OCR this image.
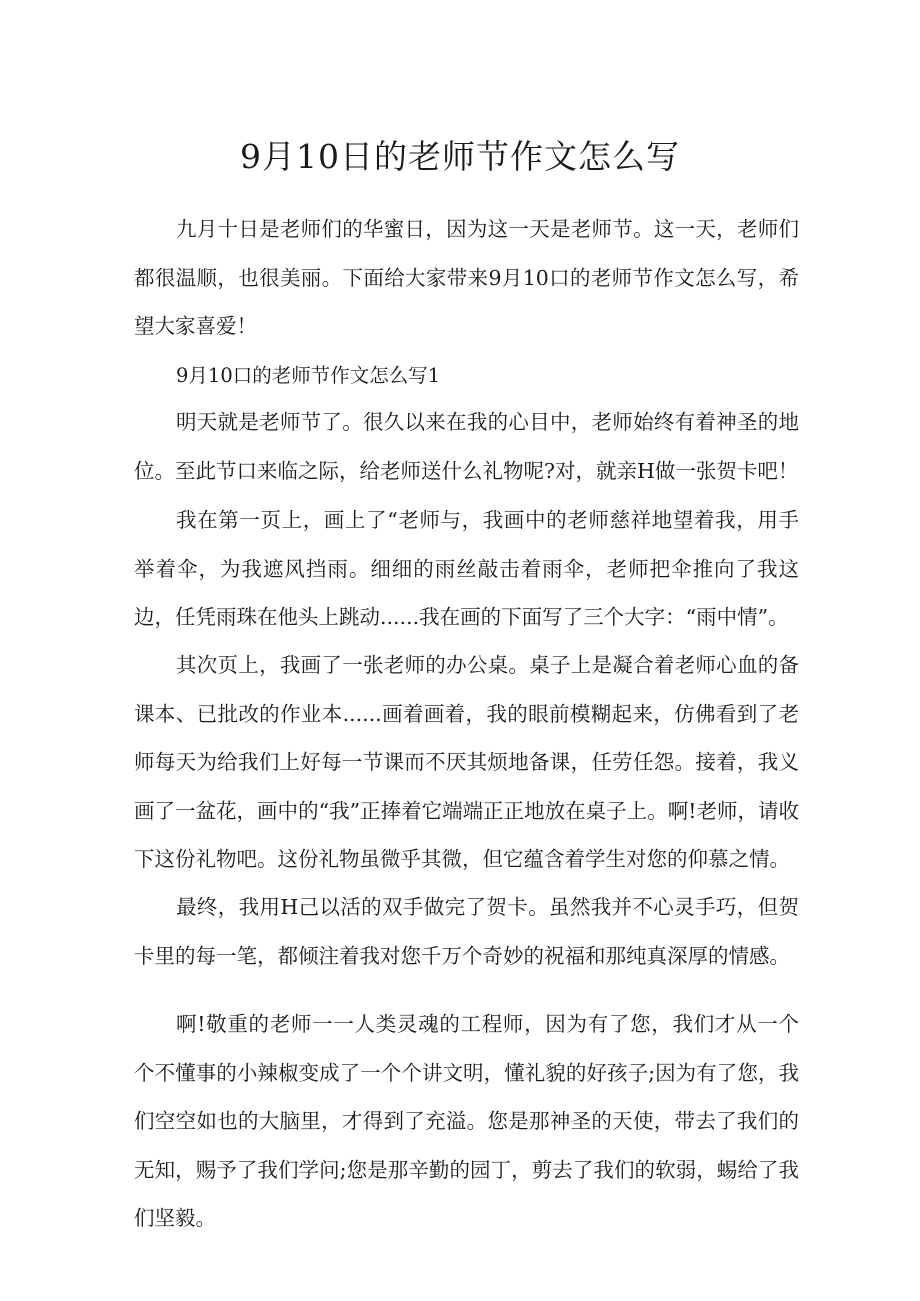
9月10日的老师节作文怎么写

九月十日是老师们的华蜜日，因为这一天是老师节。这一天，老师们都很温顺，也很美丽。下面给大家带来9月10口的老师节作文怎么写，希望大家喜爱！

9月10口的老师节作文怎么写1

明天就是老师节了。很久以来在我的心目中，老师始终有着神圣的地位。至此节口来临之际，给老师送什么礼物呢?对，就亲H做一张贺卡吧！

我在第一页上，画上了“老师与，我画中的老师慈祥地望着我，用手举着伞，为我遮风挡雨。细细的雨丝敲击着雨伞，老师把伞推向了我这边，任凭雨珠在他头上跳动......我在画的下面写了三个大字：“雨中情”。

其次页上，我画了一张老师的办公桌。桌子上是凝合着老师心血的备课本、已批改的作业本......画着画着，我的眼前模糊起来，仿佛看到了老师每天为给我们上好每一节课而不厌其烦地备课，任劳任怨。接着，我义画了一盆花，画中的“我”正捧着它端端正正地放在桌子上。啊!老师，请收下这份礼物吧。这份礼物虽微乎其微，但它蕴含着学生对您的仰慕之情。

最终，我用H己以活的双手做完了贺卡。虽然我并不心灵手巧，但贺卡里的每一笔，都倾注着我对您千万个奇妙的祝福和那纯真深厚的情感。

啊!敬重的老师一一人类灵魂的工程师，因为有了您，我们才从一个个不懂事的小辣椒变成了一个个讲文明，懂礼貌的好孩子;因为有了您，我们空空如也的大脑里，才得到了充溢。您是那神圣的天使，带去了我们的无知，赐予了我们学问;您是那辛勤的园丁，剪去了我们的软弱，蜴给了我们坚毅。
